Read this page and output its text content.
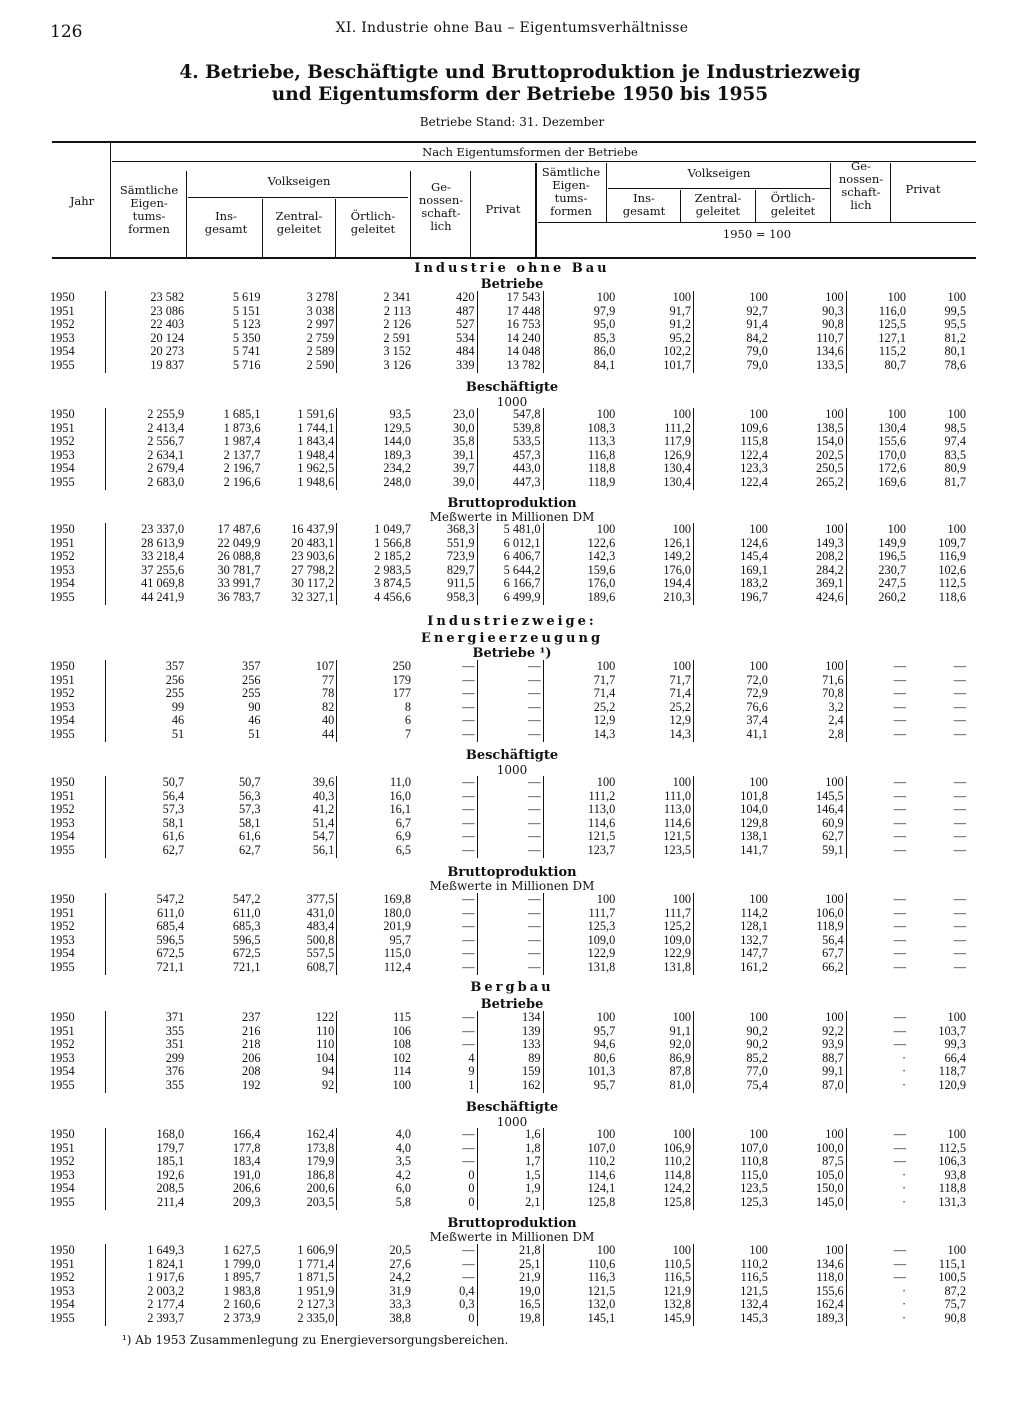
126	XI. Industrie ohne Bau – Eigentumsverhältnisse
4. Betriebe, Beschäftigte und Bruttoproduktion je Industriezweig
und Eigentumsform der Betriebe 1950 bis 1955
Betriebe Stand: 31. Dezember
Jahr
Nach Eigentumsformen der Betriebe
Sämtliche Eigen- tums- formen
Volkseigen
Ins- gesamt
Zentral- geleitet
Örtlich- geleitet
Ge- nossen- schaft- lich
Privat
Sämtliche Eigen- tums- formen
Volkseigen
Ins- gesamt
Zentral- geleitet
Örtlich- geleitet
Ge- nossen- schaft- lich
Privat
1950 = 100
Industrie ohne Bau
Betriebe
1950	23 582	5 619	3 278	2 341	420	17 543	100	100	100	100	100	100
1951	23 086	5 151	3 038	2 113	487	17 448	97,9	91,7	92,7	90,3	116,0	99,5
1952	22 403	5 123	2 997	2 126	527	16 753	95,0	91,2	91,4	90,8	125,5	95,5
1953	20 124	5 350	2 759	2 591	534	14 240	85,3	95,2	84,2	110,7	127,1	81,2
1954	20 273	5 741	2 589	3 152	484	14 048	86,0	102,2	79,0	134,6	115,2	80,1
1955	19 837	5 716	2 590	3 126	339	13 782	84,1	101,7	79,0	133,5	80,7	78,6
Beschäftigte
1000
1950	2 255,9	1 685,1	1 591,6	93,5	23,0	547,8	100	100	100	100	100	100
1951	2 413,4	1 873,6	1 744,1	129,5	30,0	539,8	108,3	111,2	109,6	138,5	130,4	98,5
1952	2 556,7	1 987,4	1 843,4	144,0	35,8	533,5	113,3	117,9	115,8	154,0	155,6	97,4
1953	2 634,1	2 137,7	1 948,4	189,3	39,1	457,3	116,8	126,9	122,4	202,5	170,0	83,5
1954	2 679,4	2 196,7	1 962,5	234,2	39,7	443,0	118,8	130,4	123,3	250,5	172,6	80,9
1955	2 683,0	2 196,6	1 948,6	248,0	39,0	447,3	118,9	130,4	122,4	265,2	169,6	81,7
Bruttoproduktion
Meßwerte in Millionen DM
1950	23 337,0	17 487,6	16 437,9	1 049,7	368,3	5 481,0	100	100	100	100	100	100
1951	28 613,9	22 049,9	20 483,1	1 566,8	551,9	6 012,1	122,6	126,1	124,6	149,3	149,9	109,7
1952	33 218,4	26 088,8	23 903,6	2 185,2	723,9	6 406,7	142,3	149,2	145,4	208,2	196,5	116,9
1953	37 255,6	30 781,7	27 798,2	2 983,5	829,7	5 644,2	159,6	176,0	169,1	284,2	230,7	102,6
1954	41 069,8	33 991,7	30 117,2	3 874,5	911,5	6 166,7	176,0	194,4	183,2	369,1	247,5	112,5
1955	44 241,9	36 783,7	32 327,1	4 456,6	958,3	6 499,9	189,6	210,3	196,7	424,6	260,2	118,6
Industriezweige:
Energieerzeugung
Betriebe ¹)
1950	357	357	107	250	—	—	100	100	100	100	—	—
1951	256	256	77	179	—	—	71,7	71,7	72,0	71,6	—	—
1952	255	255	78	177	—	—	71,4	71,4	72,9	70,8	—	—
1953	99	90	82	8	—	—	25,2	25,2	76,6	3,2	—	—
1954	46	46	40	6	—	—	12,9	12,9	37,4	2,4	—	—
1955	51	51	44	7	—	—	14,3	14,3	41,1	2,8	—	—
Beschäftigte
1000
1950	50,7	50,7	39,6	11,0	—	—	100	100	100	100	—	—
1951	56,4	56,3	40,3	16,0	—	—	111,2	111,0	101,8	145,5	—	—
1952	57,3	57,3	41,2	16,1	—	—	113,0	113,0	104,0	146,4	—	—
1953	58,1	58,1	51,4	6,7	—	—	114,6	114,6	129,8	60,9	—	—
1954	61,6	61,6	54,7	6,9	—	—	121,5	121,5	138,1	62,7	—	—
1955	62,7	62,7	56,1	6,5	—	—	123,7	123,5	141,7	59,1	—	—
Bruttoproduktion
Meßwerte in Millionen DM
1950	547,2	547,2	377,5	169,8	—	—	100	100	100	100	—	—
1951	611,0	611,0	431,0	180,0	—	—	111,7	111,7	114,2	106,0	—	—
1952	685,4	685,3	483,4	201,9	—	—	125,3	125,2	128,1	118,9	—	—
1953	596,5	596,5	500,8	95,7	—	—	109,0	109,0	132,7	56,4	—	—
1954	672,5	672,5	557,5	115,0	—	—	122,9	122,9	147,7	67,7	—	—
1955	721,1	721,1	608,7	112,4	—	—	131,8	131,8	161,2	66,2	—	—
Bergbau
Betriebe
1950	371	237	122	115	—	134	100	100	100	100	—	100
1951	355	216	110	106	—	139	95,7	91,1	90,2	92,2	—	103,7
1952	351	218	110	108	—	133	94,6	92,0	90,2	93,9	—	99,3
1953	299	206	104	102	4	89	80,6	86,9	85,2	88,7	·	66,4
1954	376	208	94	114	9	159	101,3	87,8	77,0	99,1	·	118,7
1955	355	192	92	100	1	162	95,7	81,0	75,4	87,0	·	120,9
Beschäftigte
1000
1950	168,0	166,4	162,4	4,0	—	1,6	100	100	100	100	—	100
1951	179,7	177,8	173,8	4,0	—	1,8	107,0	106,9	107,0	100,0	—	112,5
1952	185,1	183,4	179,9	3,5	—	1,7	110,2	110,2	110,8	87,5	—	106,3
1953	192,6	191,0	186,8	4,2	0	1,5	114,6	114,8	115,0	105,0	·	93,8
1954	208,5	206,6	200,6	6,0	0	1,9	124,1	124,2	123,5	150,0	·	118,8
1955	211,4	209,3	203,5	5,8	0	2,1	125,8	125,8	125,3	145,0	·	131,3
Bruttoproduktion
Meßwerte in Millionen DM
1950	1 649,3	1 627,5	1 606,9	20,5	—	21,8	100	100	100	100	—	100
1951	1 824,1	1 799,0	1 771,4	27,6	—	25,1	110,6	110,5	110,2	134,6	—	115,1
1952	1 917,6	1 895,7	1 871,5	24,2	—	21,9	116,3	116,5	116,5	118,0	—	100,5
1953	2 003,2	1 983,8	1 951,9	31,9	0,4	19,0	121,5	121,9	121,5	155,6	·	87,2
1954	2 177,4	2 160,6	2 127,3	33,3	0,3	16,5	132,0	132,8	132,4	162,4	·	75,7
1955	2 393,7	2 373,9	2 335,0	38,8	0	19,8	145,1	145,9	145,3	189,3	·	90,8
¹) Ab 1953 Zusammenlegung zu Energieversorgungsbereichen.
